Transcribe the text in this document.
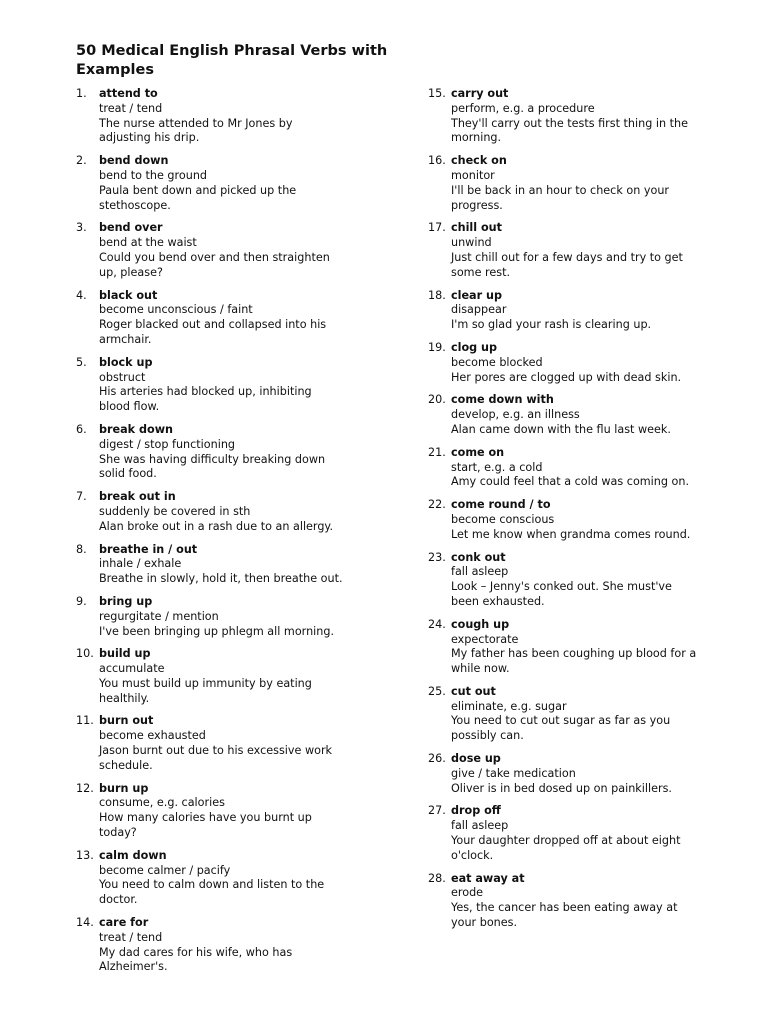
50 Medical English Phrasal Verbs with Examples
1.	attend to
treat / tend
The nurse attended to Mr Jones by adjusting his drip.
2.	bend down
bend to the ground
Paula bent down and picked up the stethoscope.
3.	bend over
bend at the waist
Could you bend over and then straighten up, please?
4.	black out
become unconscious / faint
Roger blacked out and collapsed into his armchair.
5.	block up
obstruct
His arteries had blocked up, inhibiting blood flow.
6.	break down
digest / stop functioning
She was having difficulty breaking down solid food.
7.	break out in
suddenly be covered in sth
Alan broke out in a rash due to an allergy.
8.	breathe in / out
inhale / exhale
Breathe in slowly, hold it, then breathe out.
9.	bring up
regurgitate / mention
I've been bringing up phlegm all morning.
10. build up
accumulate
You must build up immunity by eating healthily.
11. burn out
become exhausted
Jason burnt out due to his excessive work schedule.
12. burn up
consume, e.g. calories
How many calories have you burnt up today?
13. calm down
become calmer / pacify
You need to calm down and listen to the doctor.
14. care for
treat / tend
My dad cares for his wife, who has Alzheimer's.
15. carry out
perform, e.g. a procedure
They'll carry out the tests first thing in the morning.
16. check on
monitor
I'll be back in an hour to check on your progress.
17. chill out
unwind
Just chill out for a few days and try to get some rest.
18. clear up
disappear
I'm so glad your rash is clearing up.
19. clog up
become blocked
Her pores are clogged up with dead skin.
20. come down with
develop, e.g. an illness
Alan came down with the flu last week.
21. come on
start, e.g. a cold
Amy could feel that a cold was coming on.
22. come round / to
become conscious
Let me know when grandma comes round.
23. conk out
fall asleep
Look – Jenny's conked out. She must've been exhausted.
24. cough up
expectorate
My father has been coughing up blood for a while now.
25. cut out
eliminate, e.g. sugar
You need to cut out sugar as far as you possibly can.
26. dose up
give / take medication
Oliver is in bed dosed up on painkillers.
27. drop off
fall asleep
Your daughter dropped off at about eight o'clock.
28. eat away at
erode
Yes, the cancer has been eating away at your bones.
